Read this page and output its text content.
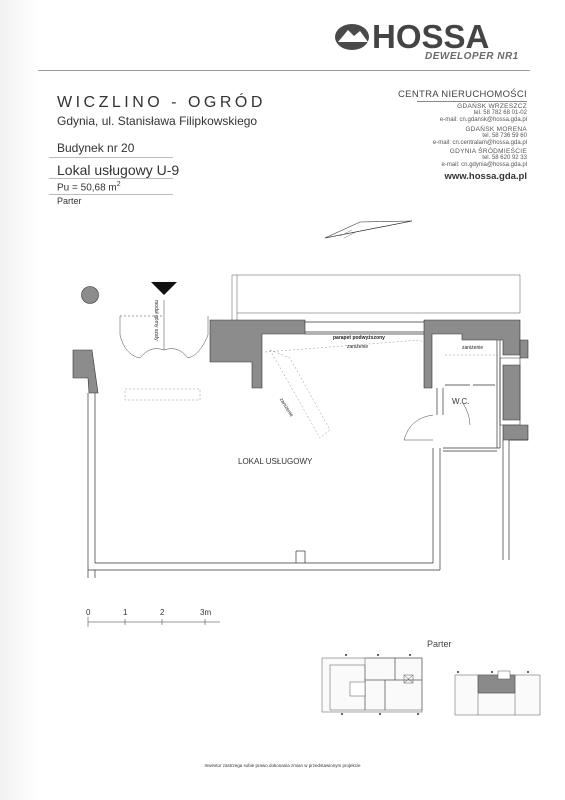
HOSSA
DEWELOPER NR1
WICZLINO - OGRÓD
Gdynia, ul. Stanisława Filipkowskiego
Budynek nr 20
Lokal usługowy U-9
Pu = 50,68 $m^2$
Parter
CENTRA NIERUCHOMOŚCI
GDAŃSK WRZESZCZ
tel. 58 782 68 01-02
e-mail: cn.gdansk@hossa.gda.pl
GDAŃSK MORENA
tel. 58 736 59 60
e-mail: cn.centralam@hossa.gda.pl
GDYNIA ŚRÓDMIEŚCIE
tel. 58 620 92 33
e-mail: cn.gdynia@hossa.gda.pl
www.hossa.gda.pl
LOKAL USŁUGOWY
W.C.
parapet podwyższony
zaniżenie	zaniżenie
zaniżenie
moduł górny szafy
0	1	2	3m
Parter
Inwestor zastrzega sobie prawo dokonania zmian w przedstawionym projekcie
